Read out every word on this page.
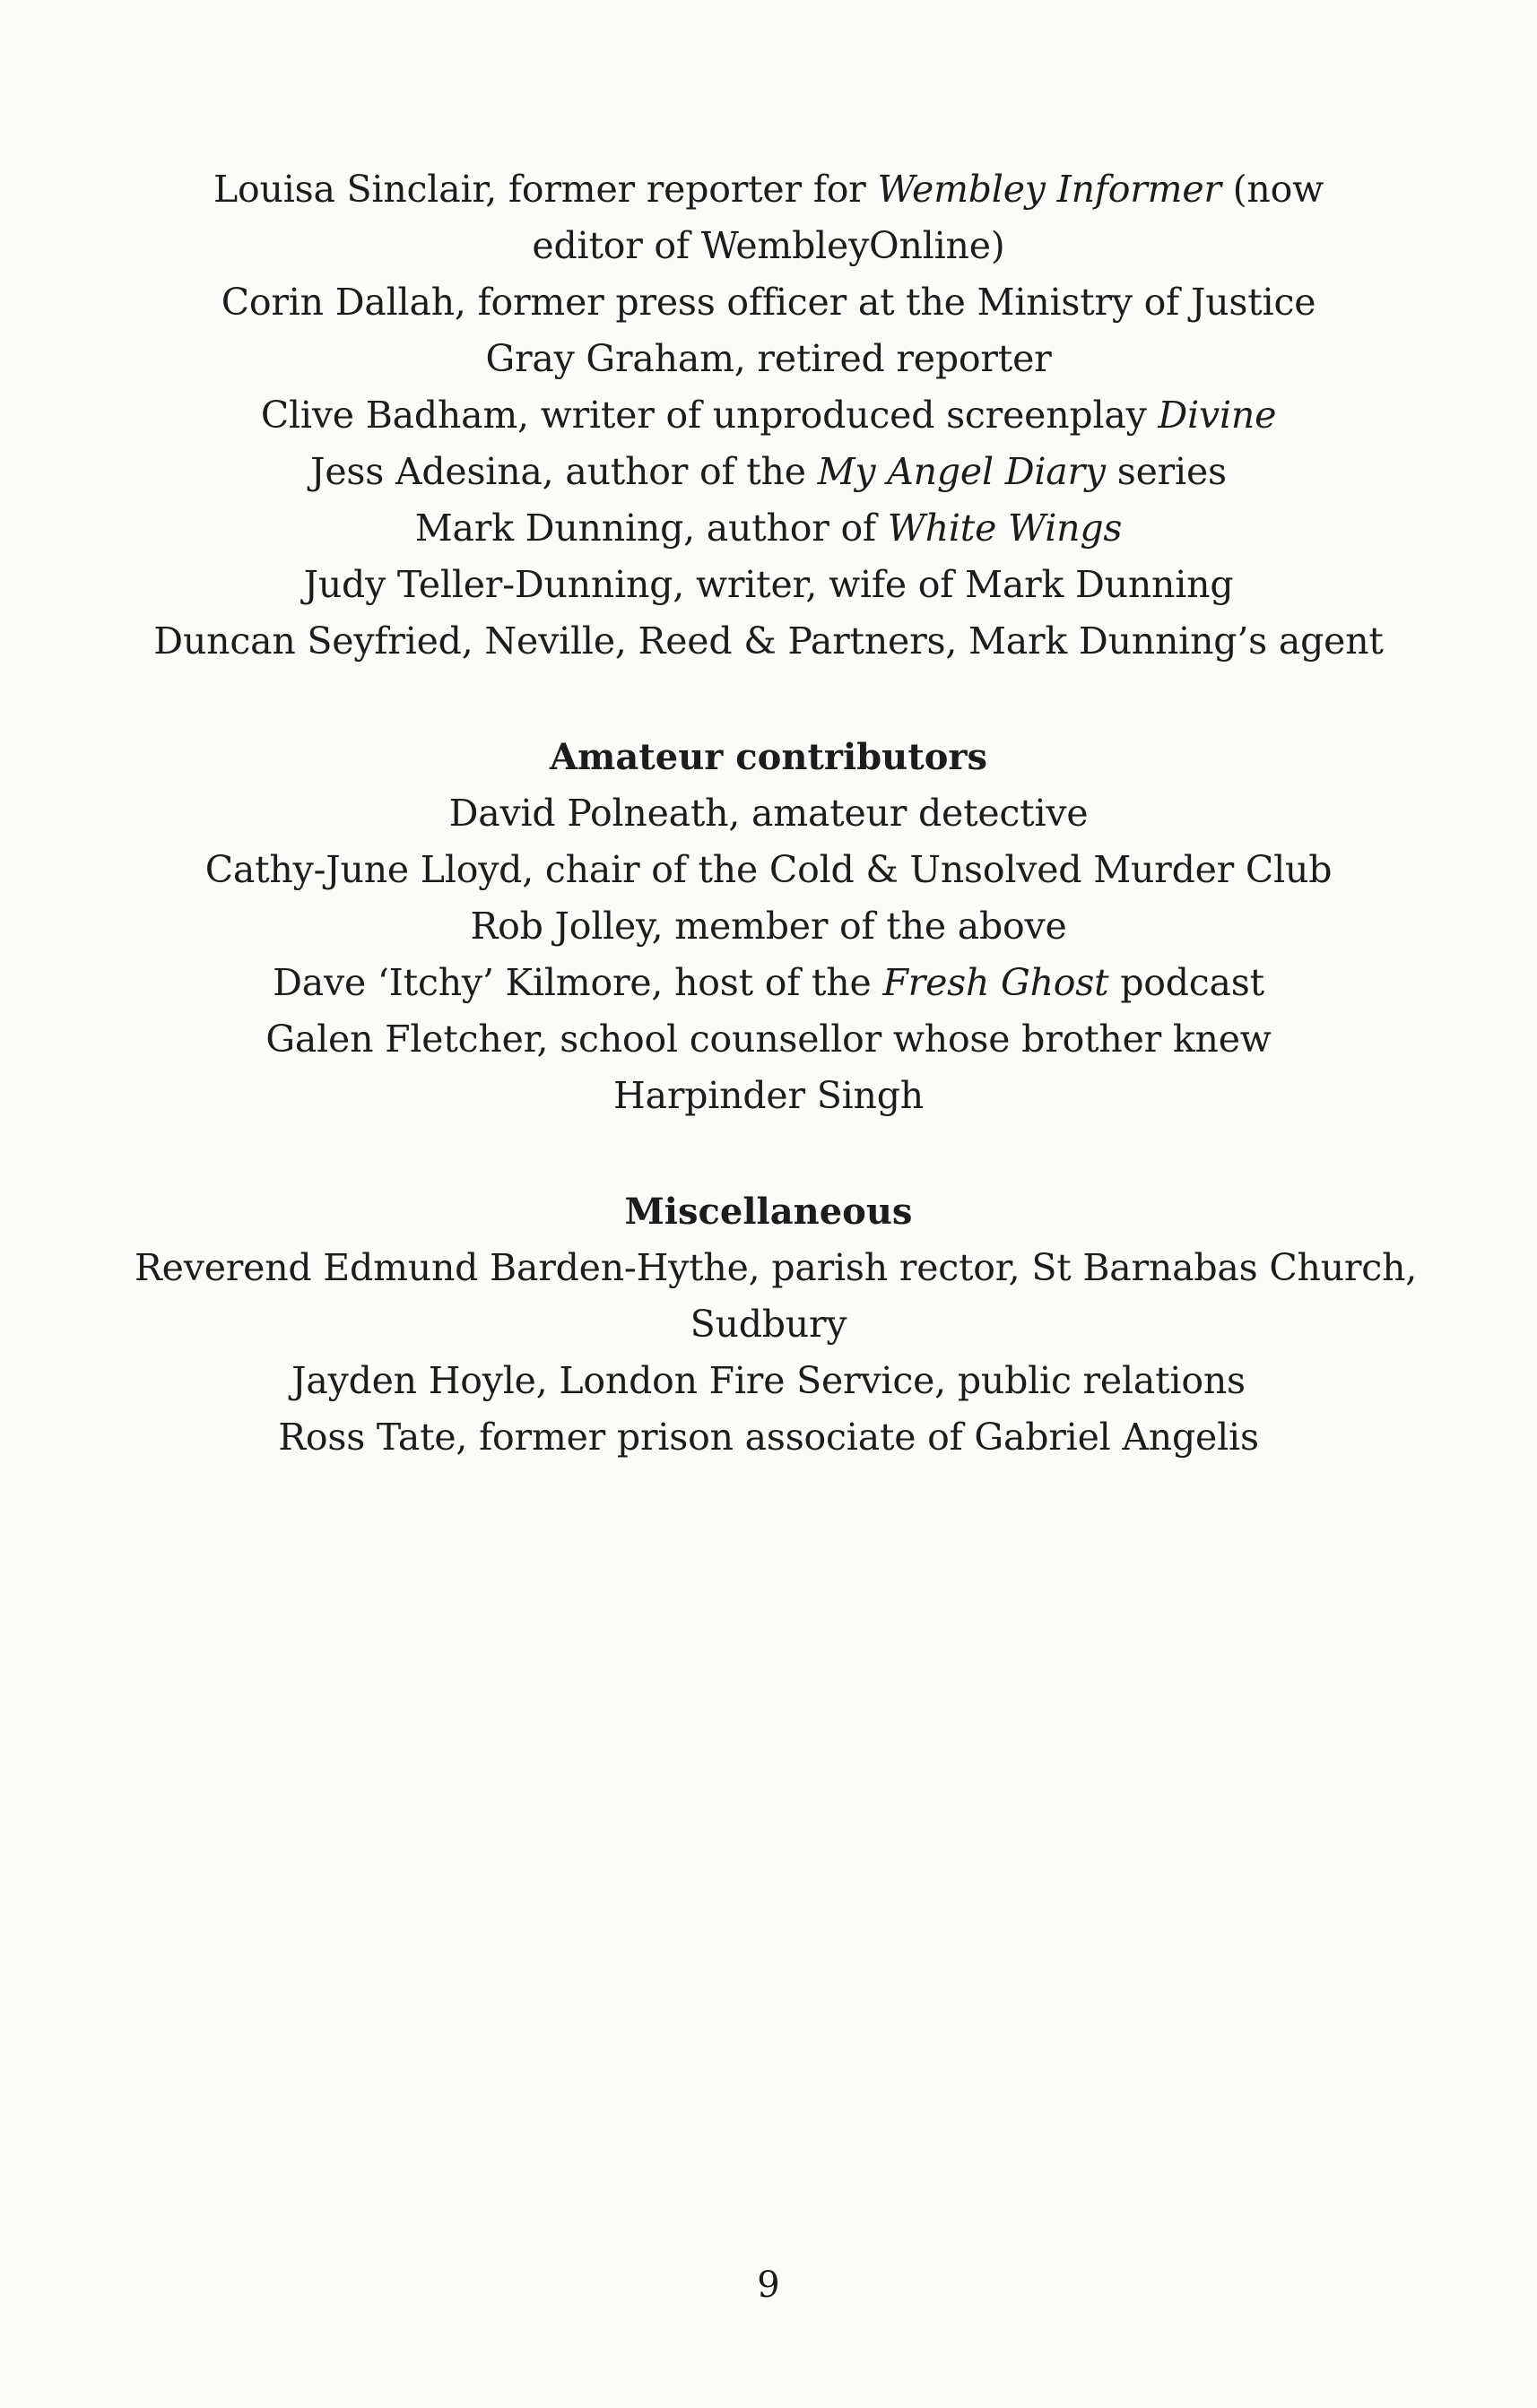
Louisa Sinclair, former reporter for Wembley Informer (now
editor of WembleyOnline)
Corin Dallah, former press officer at the Ministry of Justice
Gray Graham, retired reporter
Clive Badham, writer of unproduced screenplay Divine
Jess Adesina, author of the My Angel Diary series
Mark Dunning, author of White Wings
Judy Teller-Dunning, writer, wife of Mark Dunning
Duncan Seyfried, Neville, Reed & Partners, Mark Dunning’s agent
Amateur contributors
David Polneath, amateur detective
Cathy-June Lloyd, chair of the Cold & Unsolved Murder Club
Rob Jolley, member of the above
Dave ‘Itchy’ Kilmore, host of the Fresh Ghost podcast
Galen Fletcher, school counsellor whose brother knew
Harpinder Singh
Miscellaneous
Reverend Edmund Barden-Hythe, parish rector, St Barnabas Church,
Sudbury
Jayden Hoyle, London Fire Service, public relations
Ross Tate, former prison associate of Gabriel Angelis
9
